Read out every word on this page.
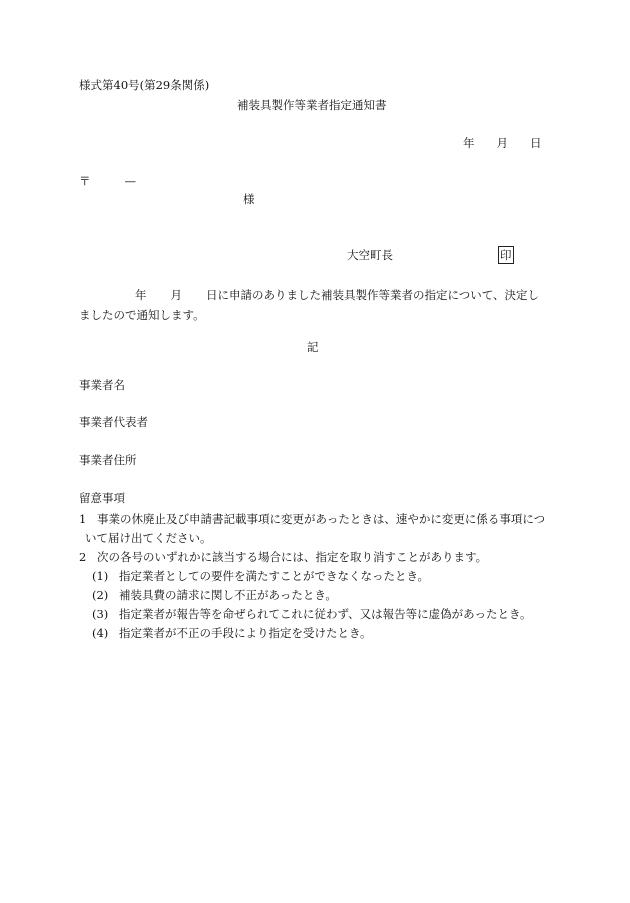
様式第40号(第29条関係)
補装具製作等業者指定通知書
年 月 日
〒	—
様
大空町長	印
年 月 日に申請のありました補装具製作等業者の指定について、決定しましたので通知します。
記
事業者名
事業者代表者
事業者住所
留意事項
1 事業の休廃止及び申請書記載事項に変更があったときは、速やかに変更に係る事項につ
いて届け出てください。
2 次の各号のいずれかに該当する場合には、指定を取り消すことがあります。
(1) 指定業者としての要件を満たすことができなくなったとき。
(2) 補装具費の請求に関し不正があったとき。
(3) 指定業者が報告等を命ぜられてこれに従わず、又は報告等に虚偽があったとき。
(4) 指定業者が不正の手段により指定を受けたとき。
